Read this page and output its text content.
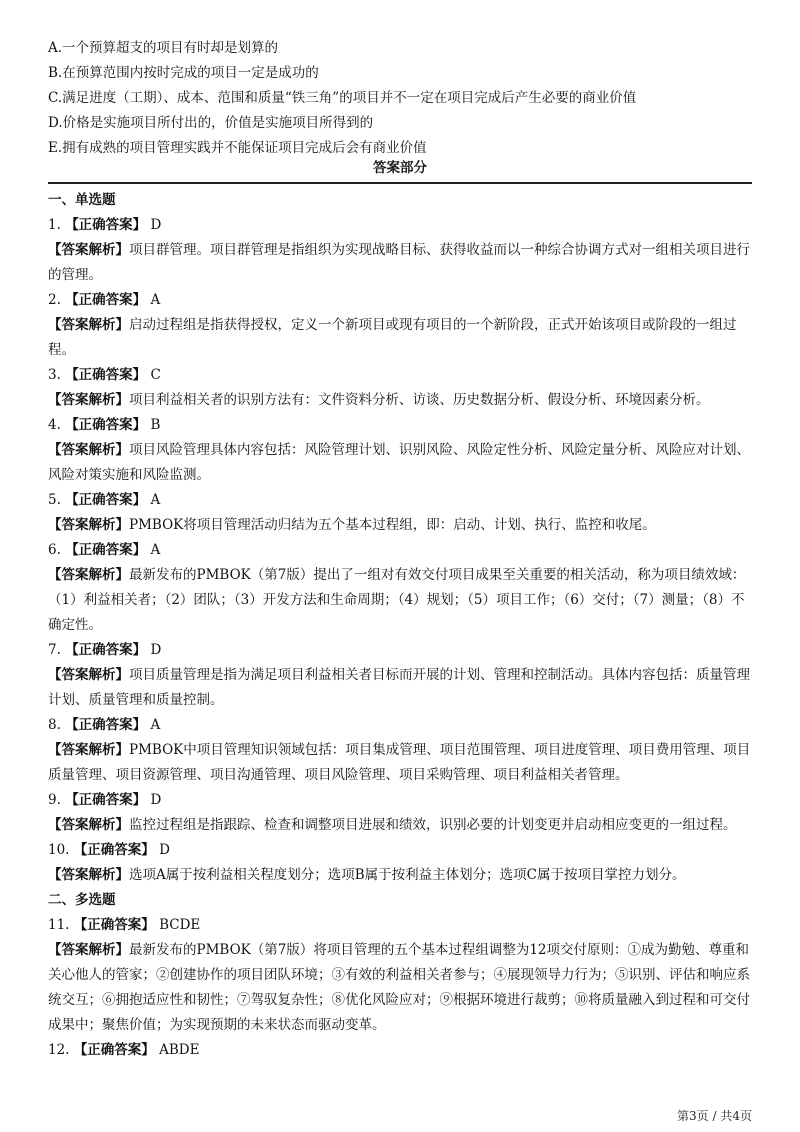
A.一个预算超支的项目有时却是划算的
B.在预算范围内按时完成的项目一定是成功的
C.满足进度（工期）、成本、范围和质量“铁三角”的项目并不一定在项目完成后产生必要的商业价值
D.价格是实施项目所付出的，价值是实施项目所得到的
E.拥有成熟的项目管理实践并不能保证项目完成后会有商业价值
答案部分
一、单选题
1. 【正确答案】 D
【答案解析】项目群管理。项目群管理是指组织为实现战略目标、获得收益而以一种综合协调方式对一组相关项目进行的管理。
2. 【正确答案】 A
【答案解析】启动过程组是指获得授权，定义一个新项目或现有项目的一个新阶段，正式开始该项目或阶段的一组过程。
3. 【正确答案】 C
【答案解析】项目利益相关者的识别方法有：文件资料分析、访谈、历史数据分析、假设分析、环境因素分析。
4. 【正确答案】 B
【答案解析】项目风险管理具体内容包括：风险管理计划、识别风险、风险定性分析、风险定量分析、风险应对计划、风险对策实施和风险监测。
5. 【正确答案】 A
【答案解析】PMBOK将项目管理活动归结为五个基本过程组，即：启动、计划、执行、监控和收尾。
6. 【正确答案】 A
【答案解析】最新发布的PMBOK（第7版）提出了一组对有效交付项目成果至关重要的相关活动，称为项目绩效域：（1）利益相关者；（2）团队；（3）开发方法和生命周期；（4）规划；（5）项目工作；（6）交付；（7）测量；（8）不确定性。
7. 【正确答案】 D
【答案解析】项目质量管理是指为满足项目利益相关者目标而开展的计划、管理和控制活动。具体内容包括：质量管理计划、质量管理和质量控制。
8. 【正确答案】 A
【答案解析】PMBOK中项目管理知识领域包括：项目集成管理、项目范围管理、项目进度管理、项目费用管理、项目质量管理、项目资源管理、项目沟通管理、项目风险管理、项目采购管理、项目利益相关者管理。
9. 【正确答案】 D
【答案解析】监控过程组是指跟踪、检查和调整项目进展和绩效，识别必要的计划变更并启动相应变更的一组过程。
10. 【正确答案】 D
【答案解析】选项A属于按利益相关程度划分；选项B属于按利益主体划分；选项C属于按项目掌控力划分。
二、多选题
11. 【正确答案】 BCDE
【答案解析】最新发布的PMBOK（第7版）将项目管理的五个基本过程组调整为12项交付原则：①成为勤勉、尊重和关心他人的管家；②创建协作的项目团队环境；③有效的利益相关者参与；④展现领导力行为；⑤识别、评估和响应系统交互；⑥拥抱适应性和韧性；⑦驾驭复杂性；⑧优化风险应对；⑨根据环境进行裁剪；⑩将质量融入到过程和可交付成果中；聚焦价值；为实现预期的未来状态而驱动变革。
12. 【正确答案】 ABDE
第3页 / 共4页
